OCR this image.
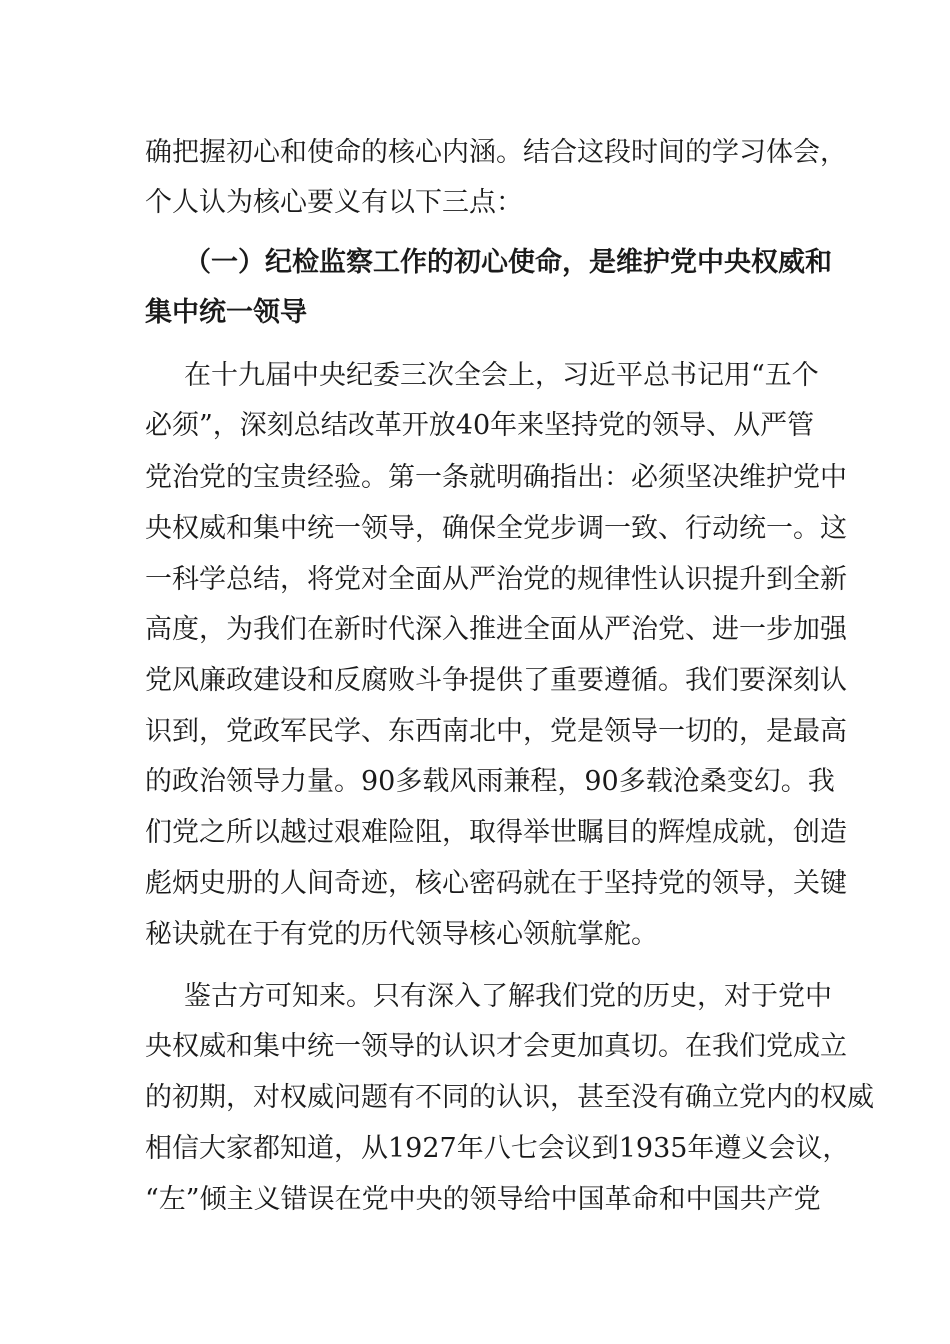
确把握初心和使命的核心内涵。结合这段时间的学习体会，
个人认为核心要义有以下三点：
（一）纪检监察工作的初心使命，是维护党中央权威和
集中统一领导
在十九届中央纪委三次全会上，习近平总书记用“五个
必须”，深刻总结改革开放40年来坚持党的领导、从严管
党治党的宝贵经验。第一条就明确指出：必须坚决维护党中
央权威和集中统一领导，确保全党步调一致、行动统一。这
一科学总结，将党对全面从严治党的规律性认识提升到全新
高度，为我们在新时代深入推进全面从严治党、进一步加强
党风廉政建设和反腐败斗争提供了重要遵循。我们要深刻认
识到，党政军民学、东西南北中，党是领导一切的，是最高
的政治领导力量。90多载风雨兼程，90多载沧桑变幻。我
们党之所以越过艰难险阻，取得举世瞩目的辉煌成就，创造
彪炳史册的人间奇迹，核心密码就在于坚持党的领导，关键
秘诀就在于有党的历代领导核心领航掌舵。
鉴古方可知来。只有深入了解我们党的历史，对于党中
央权威和集中统一领导的认识才会更加真切。在我们党成立
的初期，对权威问题有不同的认识，甚至没有确立党内的权威
相信大家都知道，从1927年八七会议到1935年遵义会议，
“左”倾主义错误在党中央的领导给中国革命和中国共产党
